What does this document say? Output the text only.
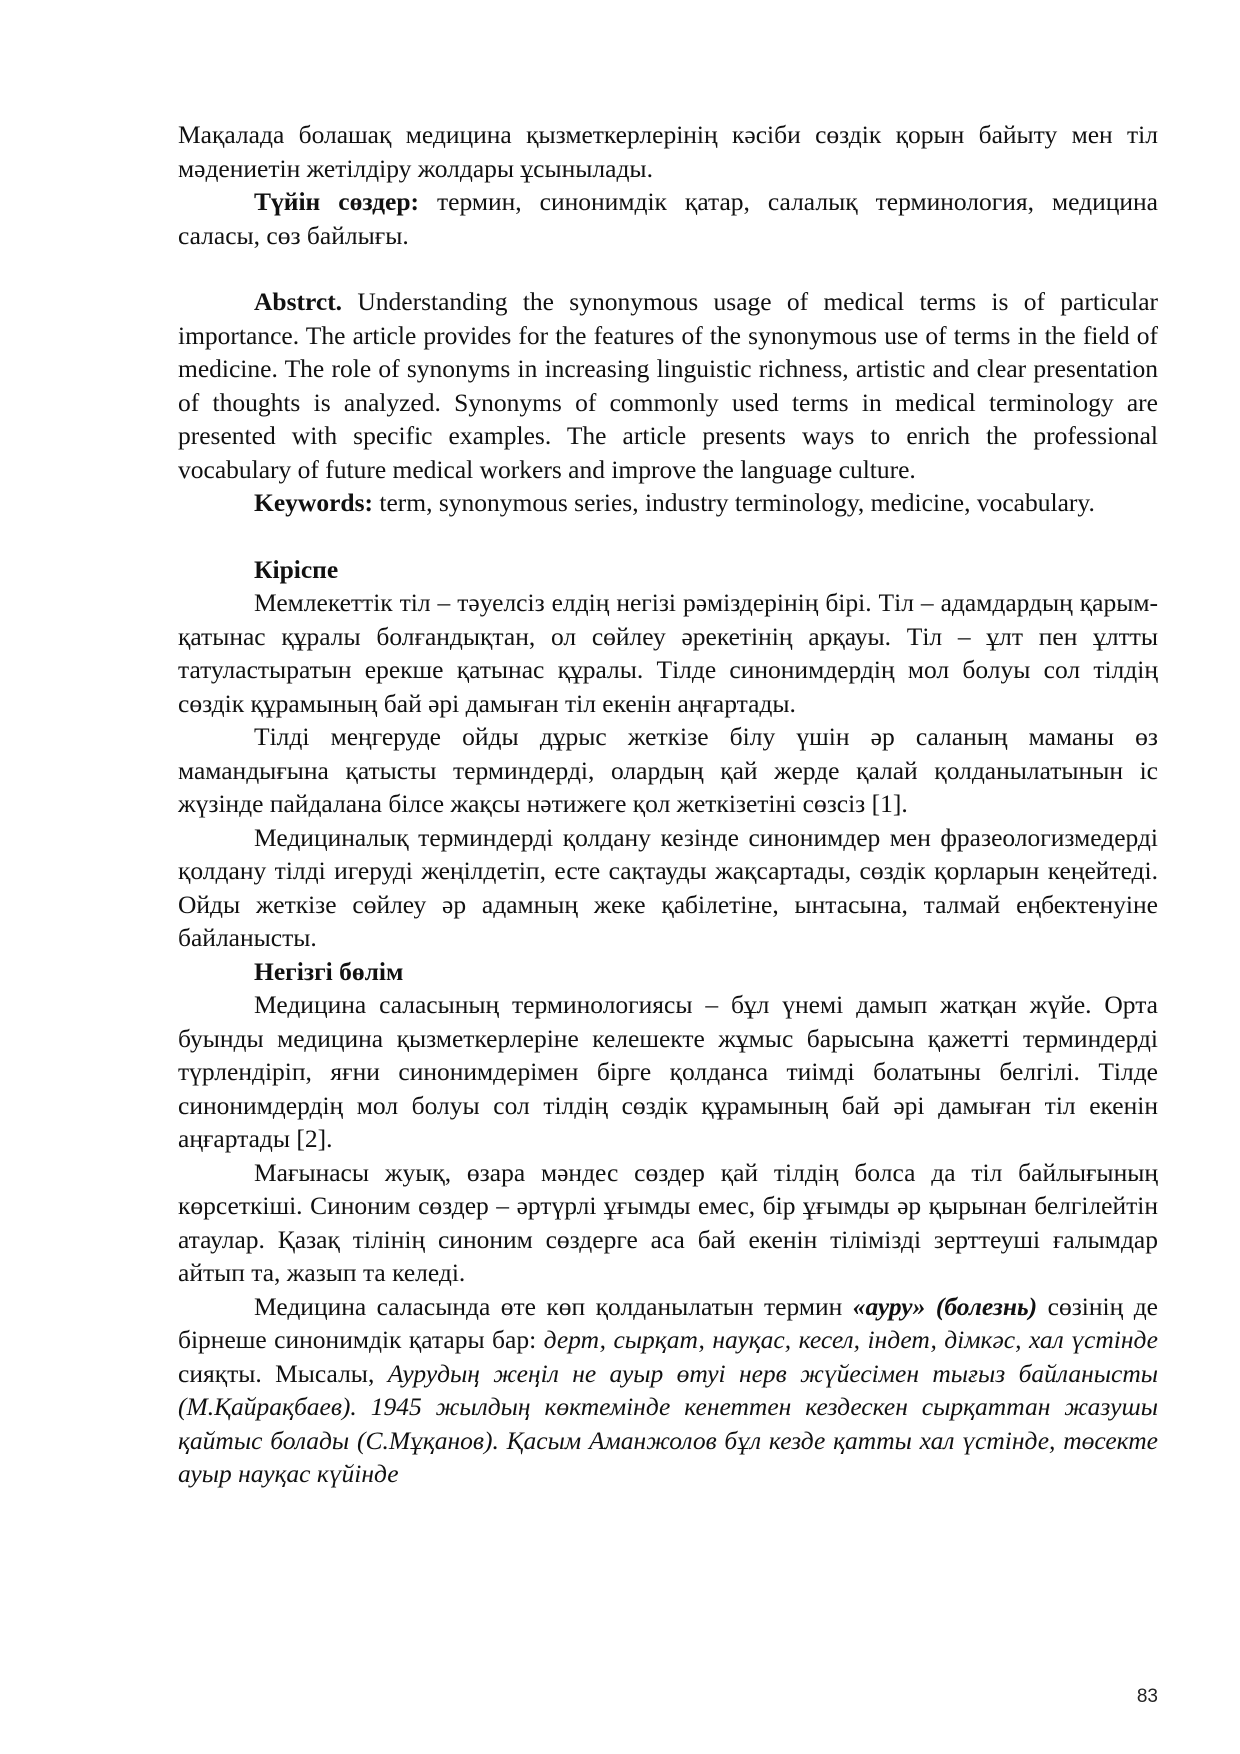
Мақалада болашақ медицина қызметкерлерінің кәсіби сөздік қорын байыту мен тіл мәдениетін жетілдіру жолдары ұсынылады.

Түйін сөздер: термин, синонимдік қатар, салалық терминология, медицина саласы, сөз байлығы.

Abstrct. Understanding the synonymous usage of medical terms is of particular importance. The article provides for the features of the synonymous use of terms in the field of medicine. The role of synonyms in increasing linguistic richness, artistic and clear presentation of thoughts is analyzed. Synonyms of commonly used terms in medical terminology are presented with specific examples. The article presents ways to enrich the professional vocabulary of future medical workers and improve the language culture.

Keywords: term, synonymous series, industry terminology, medicine, vocabulary.

Кіріспе

Мемлекеттік тіл – тәуелсіз елдің негізі рәміздерінің бірі. Тіл – адамдардың қарым-қатынас құралы болғандықтан, ол сөйлеу әрекетінің арқауы. Тіл – ұлт пен ұлтты татуластыратын ерекше қатынас құралы. Тілде синонимдердің мол болуы сол тілдің сөздік құрамының бай әрі дамыған тіл екенін аңғартады.

Тілді меңгеруде ойды дұрыс жеткізе білу үшін әр саланың маманы өз мамандығына қатысты терминдерді, олардың қай жерде қалай қолданылатынын іс жүзінде пайдалана білсе жақсы нәтижеге қол жеткізетіні сөзсіз [1].

Медициналық терминдерді қолдану кезінде синонимдер мен фразеологизмедерді қолдану тілді игеруді жеңілдетіп, есте сақтауды жақсартады, сөздік қорларын кеңейтеді. Ойды жеткізе сөйлеу әр адамның жеке қабілетіне, ынтасына, талмай еңбектенуіне байланысты.

Негізгі бөлім

Медицина саласының терминологиясы – бұл үнемі дамып жатқан жүйе. Орта буынды медицина қызметкерлеріне келешекте жұмыс барысына қажетті терминдерді түрлендіріп, яғни синонимдерімен бірге қолданса тиімді болатыны белгілі. Тілде синонимдердің мол болуы сол тілдің сөздік құрамының бай әрі дамыған тіл екенін аңғартады [2].

Мағынасы жуық, өзара мәндес сөздер қай тілдің болса да тіл байлығының көрсеткіші. Синоним сөздер – әртүрлі ұғымды емес, бір ұғымды әр қырынан белгілейтін атаулар. Қазақ тілінің синоним сөздерге аса бай екенін тілімізді зерттеуші ғалымдар айтып та, жазып та келеді.

Медицина саласында өте көп қолданылатын термин «ауру» (болезнь) сөзінің де бірнеше синонимдік қатары бар: дерт, сырқат, науқас, кесел, індет, дімкәс, хал үстінде сияқты. Мысалы, Аурудың жеңіл не ауыр өтуі нерв жүйесімен тығыз байланысты (М.Қайрақбаев). 1945 жылдың көктемінде кенеттен кездескен сырқаттан жазушы қайтыс болады (С.Мұқанов). Қасым Аманжолов бұл кезде қатты хал үстінде, төсекте ауыр науқас күйінде

83
